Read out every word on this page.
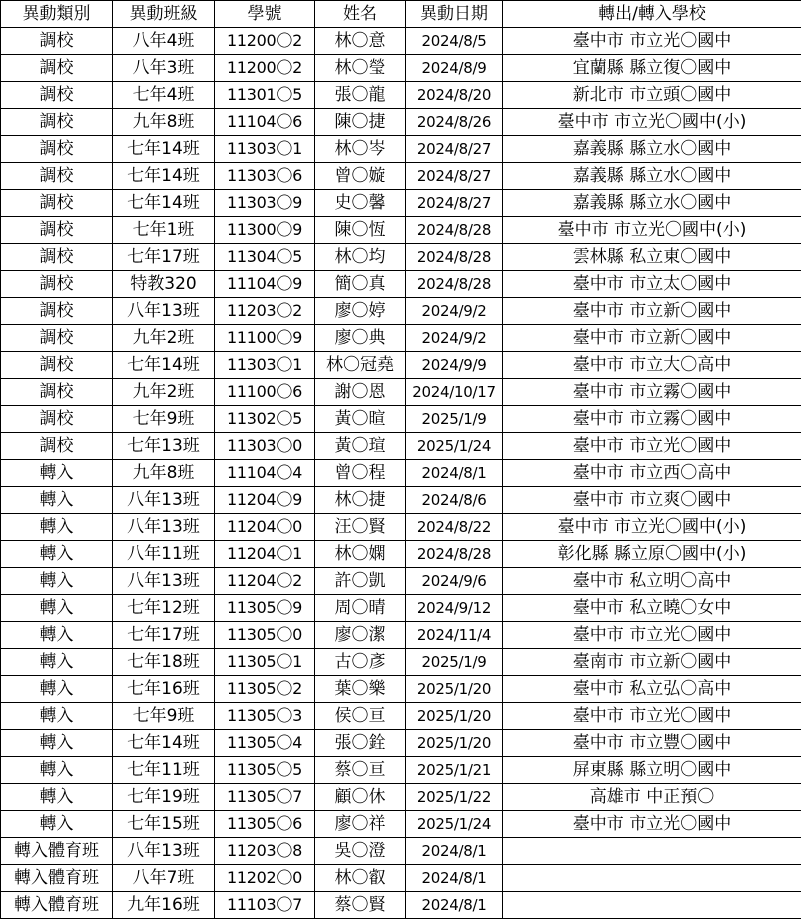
異動類別	異動班級	學號	姓名	異動日期	轉出/轉入學校
調校	八年4班	11200〇2	林〇意	2024/8/5	臺中市 市立光〇國中
調校	八年3班	11200〇2	林〇瑩	2024/8/9	宜蘭縣 縣立復〇國中
調校	七年4班	11301〇5	張〇龍	2024/8/20	新北市 市立頭〇國中
調校	九年8班	11104〇6	陳〇捷	2024/8/26	臺中市 市立光〇國中(小)
調校	七年14班	11303〇1	林〇岑	2024/8/27	嘉義縣 縣立水〇國中
調校	七年14班	11303〇6	曾〇嫙	2024/8/27	嘉義縣 縣立水〇國中
調校	七年14班	11303〇9	史〇馨	2024/8/27	嘉義縣 縣立水〇國中
調校	七年1班	11300〇9	陳〇恆	2024/8/28	臺中市 市立光〇國中(小)
調校	七年17班	11304〇5	林〇均	2024/8/28	雲林縣 私立東〇國中
調校	特教320	11104〇9	簡〇真	2024/8/28	臺中市 市立太〇國中
調校	八年13班	11203〇2	廖〇婷	2024/9/2	臺中市 市立新〇國中
調校	九年2班	11100〇9	廖〇典	2024/9/2	臺中市 市立新〇國中
調校	七年14班	11303〇1	林〇冠堯	2024/9/9	臺中市 市立大〇高中
調校	九年2班	11100〇6	謝〇恩	2024/10/17	臺中市 市立霧〇國中
調校	七年9班	11302〇5	黃〇暄	2025/1/9	臺中市 市立霧〇國中
調校	七年13班	11303〇0	黃〇瑄	2025/1/24	臺中市 市立光〇國中
轉入	九年8班	11104〇4	曾〇程	2024/8/1	臺中市 市立西〇高中
轉入	八年13班	11204〇9	林〇捷	2024/8/6	臺中市 市立爽〇國中
轉入	八年13班	11204〇0	汪〇賢	2024/8/22	臺中市 市立光〇國中(小)
轉入	八年11班	11204〇1	林〇嫻	2024/8/28	彰化縣 縣立原〇國中(小)
轉入	八年13班	11204〇2	許〇凱	2024/9/6	臺中市 私立明〇高中
轉入	七年12班	11305〇9	周〇晴	2024/9/12	臺中市 私立曉〇女中
轉入	七年17班	11305〇0	廖〇潔	2024/11/4	臺中市 市立光〇國中
轉入	七年18班	11305〇1	古〇彥	2025/1/9	臺南市 市立新〇國中
轉入	七年16班	11305〇2	葉〇樂	2025/1/20	臺中市 私立弘〇高中
轉入	七年9班	11305〇3	侯〇亘	2025/1/20	臺中市 市立光〇國中
轉入	七年14班	11305〇4	張〇銓	2025/1/20	臺中市 市立豐〇國中
轉入	七年11班	11305〇5	蔡〇亘	2025/1/21	屏東縣 縣立明〇國中
轉入	七年19班	11305〇7	顧〇休	2025/1/22	高雄市 中正預〇
轉入	七年15班	11305〇6	廖〇祥	2025/1/24	臺中市 市立光〇國中
轉入體育班	八年13班	11203〇8	吳〇澄	2024/8/1	
轉入體育班	八年7班	11202〇0	林〇叡	2024/8/1	
轉入體育班	九年16班	11103〇7	蔡〇賢	2024/8/1	
